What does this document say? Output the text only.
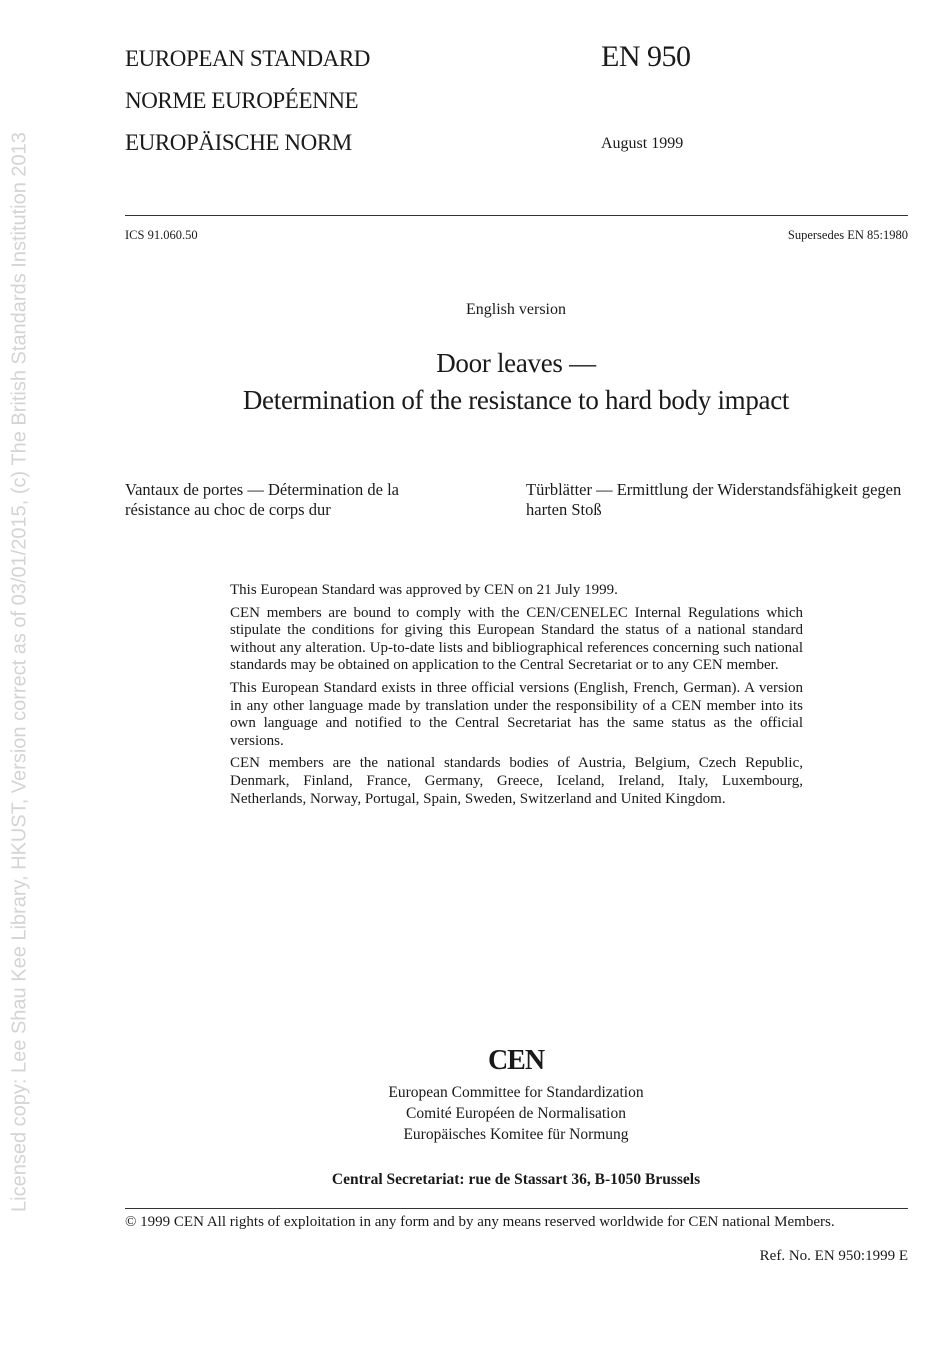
Licensed copy: Lee Shau Kee Library, HKUST, Version correct as of 03/01/2015, (c) The British Standards Institution 2013
EUROPEAN STANDARD
NORME EUROPÉENNE
EUROPÄISCHE NORM
EN 950
August 1999
ICS 91.060.50	Supersedes EN 85:1980
English version
Door leaves —
Determination of the resistance to hard body impact
Vantaux de portes — Détermination de la résistance au choc de corps dur
Türblätter — Ermittlung der Widerstandsfähigkeit gegen harten Stoß
This European Standard was approved by CEN on 21 July 1999.
CEN members are bound to comply with the CEN/CENELEC Internal Regulations which stipulate the conditions for giving this European Standard the status of a national standard without any alteration. Up-to-date lists and bibliographical references concerning such national standards may be obtained on application to the Central Secretariat or to any CEN member.
This European Standard exists in three official versions (English, French, German). A version in any other language made by translation under the responsibility of a CEN member into its own language and notified to the Central Secretariat has the same status as the official versions.
CEN members are the national standards bodies of Austria, Belgium, Czech Republic, Denmark, Finland, France, Germany, Greece, Iceland, Ireland, Italy, Luxembourg, Netherlands, Norway, Portugal, Spain, Sweden, Switzerland and United Kingdom.
CEN
European Committee for Standardization
Comité Européen de Normalisation
Europäisches Komitee für Normung
Central Secretariat: rue de Stassart 36, B-1050 Brussels
© 1999 CEN All rights of exploitation in any form and by any means reserved worldwide for CEN national Members.
Ref. No. EN 950:1999 E
